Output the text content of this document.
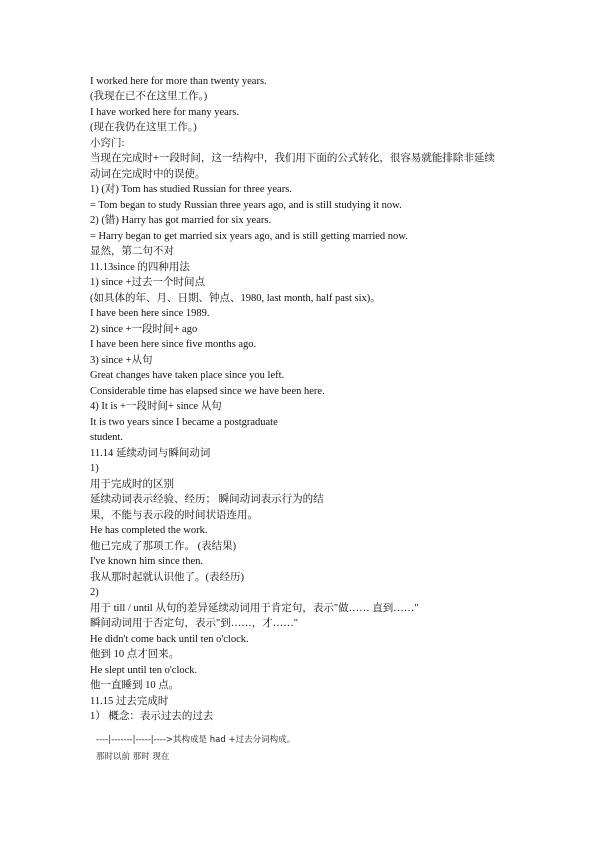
I worked here for more than twenty years.
(我现在已不在这里工作。)
I have worked here for many years.
(现在我仍在这里工作。)
小窍门:
当现在完成时+一段时间，这一结构中，我们用下面的公式转化，很容易就能排除非延续
动词在完成时中的误使。
1) (对) Tom has studied Russian for three years.
= Tom began to study Russian three years ago, and is still studying it now.
2) (错) Harry has got married for six years.
= Harry began to get married six years ago, and is still getting married now.
显然，第二句不对
11.13since 的四种用法
1) since +过去一个时间点
(如具体的年、月、日期、钟点、1980, last month, half past six)。
I have been here since 1989.
2) since +一段时间+ ago
I have been here since five months ago.
3) since +从句
Great changes have taken place since you left.
Considerable time has elapsed since we have been here.
4) It is +一段时间+ since 从句
It is two years since I became a postgraduate
student.
11.14 延续动词与瞬间动词
1)
用于完成时的区别
延续动词表示经验、经历； 瞬间动词表示行为的结
果，不能与表示段的时间状语连用。
He has completed the work.
他已完成了那项工作。 (表结果)
I've known him since then.
我从那时起就认识他了。(表经历)
2)
用于 till / until 从句的差异延续动词用于肯定句，表示"做…… 直到……"
瞬间动词用于否定句，表示"到……，才……"
He didn't come back until ten o'clock.
他到 10 点才回来。
He slept until ten o'clock.
他一直睡到 10 点。
11.15 过去完成时
1） 概念：表示过去的过去
----|-------|-----|---->其构成是 had +过去分词构成。
那时以前 那时 现在
